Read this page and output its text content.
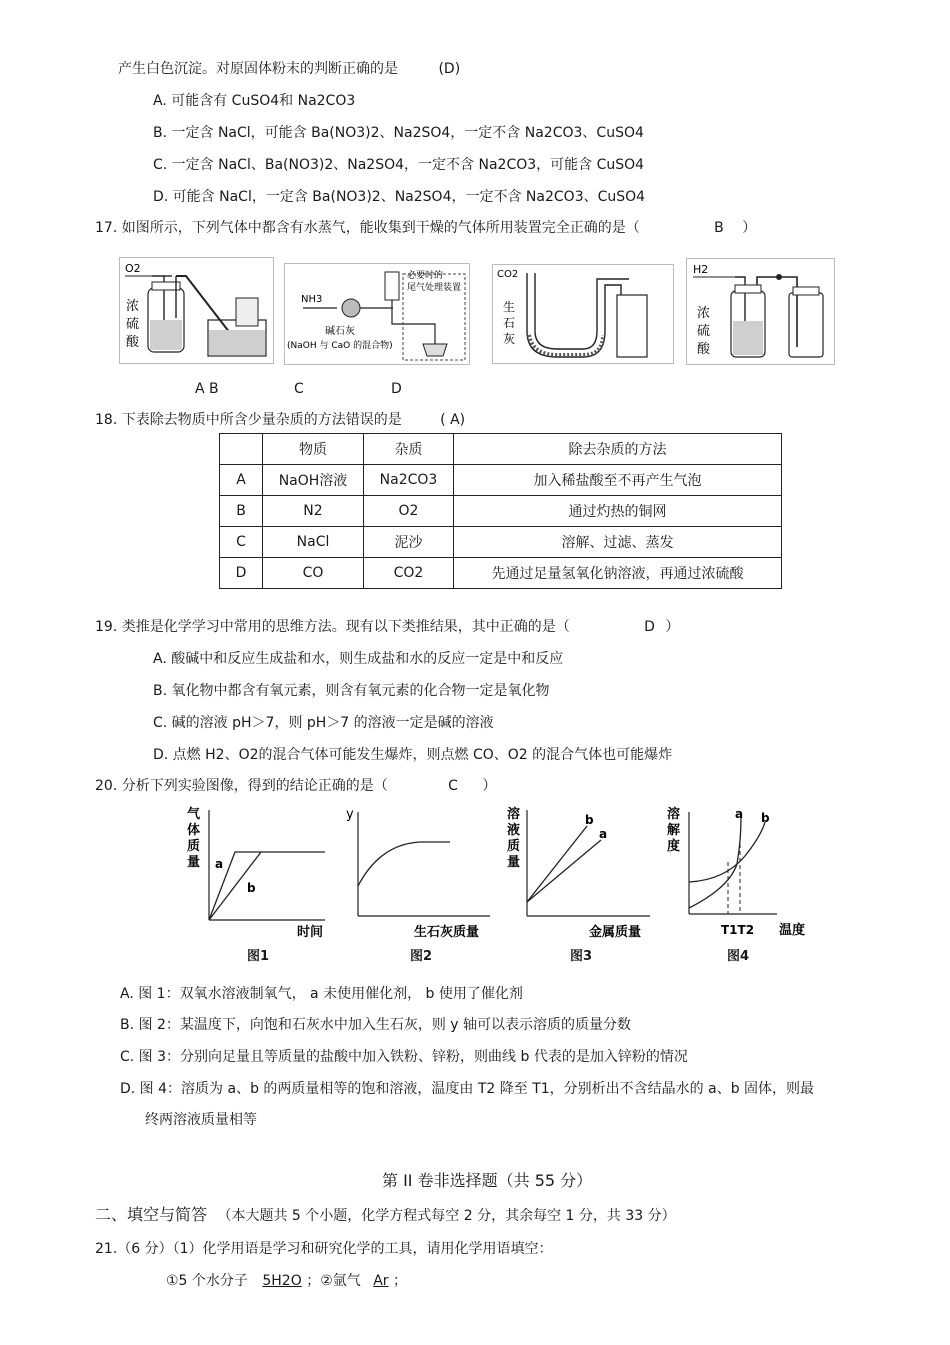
产生白色沉淀。对原固体粉末的判断正确的是	(D)
A. 可能含有 CuSO4和 Na2CO3
B. 一定含 NaCl，可能含 Ba(NO3)2、Na2SO4，一定不含 Na2CO3、CuSO4
C. 一定含 NaCl、Ba(NO3)2、Na2SO4，一定不含 Na2CO3，可能含 CuSO4
D. 可能含 NaCl，一定含 Ba(NO3)2、Na2SO4，一定不含 Na2CO3、CuSO4
17. 如图所示，下列气体中都含有水蒸气，能收集到干燥的气体所用装置完全正确的是（	B ）
O2
浓
硫
酸
NH3
必要时的
尾气处理装置
碱石灰
(NaOH 与 CaO 的混合物)
CO2
生
石
灰
H2
浓
硫
酸
A B	C	D
18. 下表除去物质中所含少量杂质的方法错误的是	( A)
	物质	杂质	除去杂质的方法
A	NaOH溶液	Na2CO3	加入稀盐酸至不再产生气泡
B	N2	O2	通过灼热的铜网
C	NaCl	泥沙	溶解、过滤、蒸发
D	CO	CO2	先通过足量氢氧化钠溶液，再通过浓硫酸
19. 类推是化学学习中常用的思维方法。现有以下类推结果，其中正确的是（	D ）
A. 酸碱中和反应生成盐和水，则生成盐和水的反应一定是中和反应
B. 氧化物中都含有氧元素，则含有氧元素的化合物一定是氧化物
C. 碱的溶液 pH＞7，则 pH＞7 的溶液一定是碱的溶液
D. 点燃 H2、O2的混合气体可能发生爆炸，则点燃 CO、O2 的混合气体也可能爆炸
20. 分析下列实验图像，得到的结论正确的是（	C ）
气
体
质
量 a
b
时间
图1
y
生石灰质量
图2
溶
液
质
量
b
a
金属质量
图3
溶
解
度
a b
T1T2 温度
图4
A. 图 1：双氧水溶液制氧气， a 未使用催化剂， b 使用了催化剂
B. 图 2：某温度下，向饱和石灰水中加入生石灰，则 y 轴可以表示溶质的质量分数
C. 图 3：分别向足量且等质量的盐酸中加入铁粉、锌粉，则曲线 b 代表的是加入锌粉的情况
D. 图 4：溶质为 a、b 的两质量相等的饱和溶液，温度由 T2 降至 T1，分别析出不含结晶水的 a、b 固体，则最
终两溶液质量相等
第 II 卷非选择题（共 55 分）
二、填空与简答 （本大题共 5 个小题，化学方程式每空 2 分，其余每空 1 分，共 33 分）
21.（6 分）（1）化学用语是学习和研究化学的工具，请用化学用语填空：
①5 个水分子 5H2O ；②氩气 Ar ；
